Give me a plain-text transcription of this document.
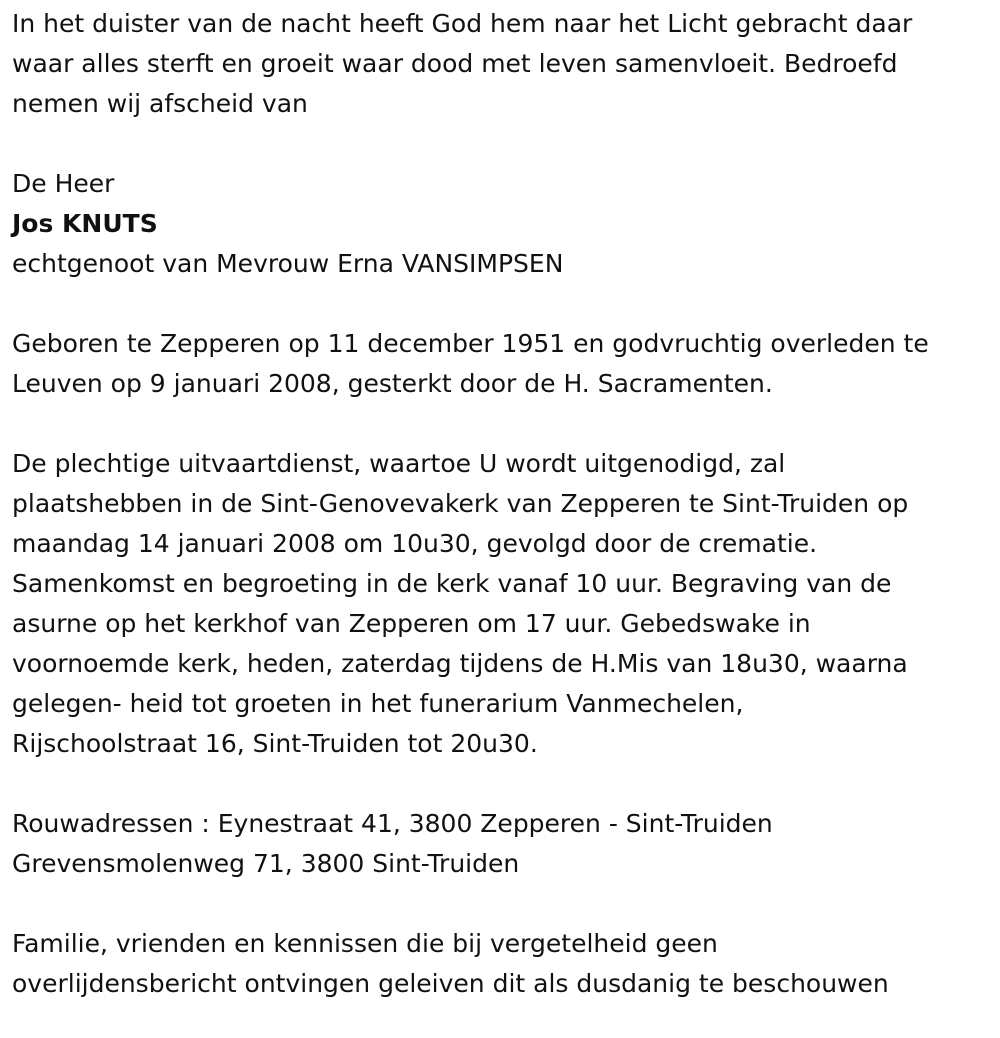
In het duister van de nacht heeft God hem naar het Licht gebracht daar
waar alles sterft en groeit waar dood met leven samenvloeit. Bedroefd
nemen wij afscheid van

De Heer
Jos KNUTS
echtgenoot van Mevrouw Erna VANSIMPSEN

Geboren te Zepperen op 11 december 1951 en godvruchtig overleden te
Leuven op 9 januari 2008, gesterkt door de H. Sacramenten.

De plechtige uitvaartdienst, waartoe U wordt uitgenodigd, zal
plaatshebben in de Sint-Genovevakerk van Zepperen te Sint-Truiden op
maandag 14 januari 2008 om 10u30, gevolgd door de crematie.
Samenkomst en begroeting in de kerk vanaf 10 uur. Begraving van de
asurne op het kerkhof van Zepperen om 17 uur. Gebedswake in
voornoemde kerk, heden, zaterdag tijdens de H.Mis van 18u30, waarna
gelegen- heid tot groeten in het funerarium Vanmechelen,
Rijschoolstraat 16, Sint-Truiden tot 20u30.

Rouwadressen : Eynestraat 41, 3800 Zepperen - Sint-Truiden
Grevensmolenweg 71, 3800 Sint-Truiden

Familie, vrienden en kennissen die bij vergetelheid geen
overlijdensbericht ontvingen geleiven dit als dusdanig te beschouwen
